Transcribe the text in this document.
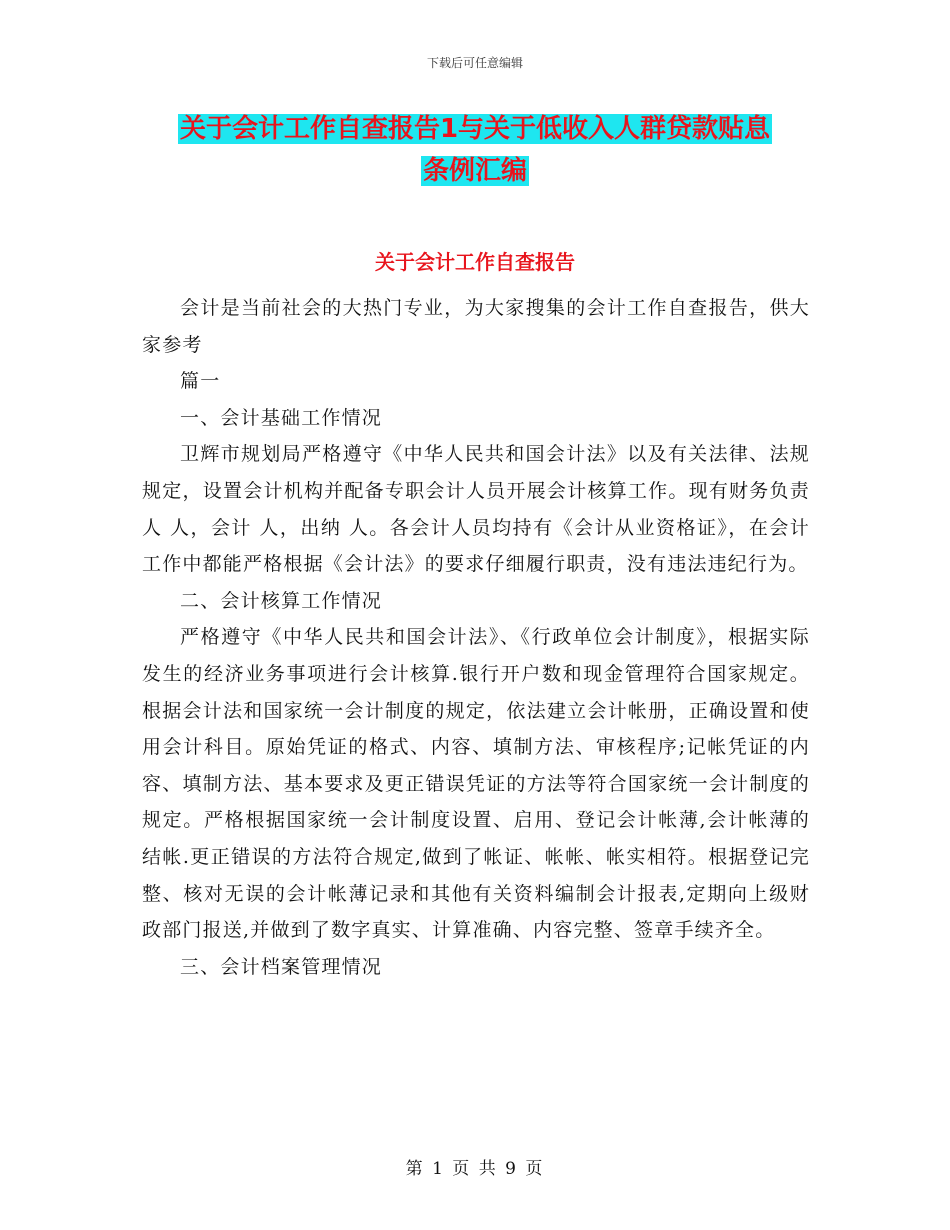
下载后可任意编辑
关于会计工作自查报告1与关于低收入人群贷款贴息
条例汇编
关于会计工作自查报告

会计是当前社会的大热门专业，为大家搜集的会计工作自查报告，供大家参考

篇一

一、会计基础工作情况

卫辉市规划局严格遵守《中华人民共和国会计法》以及有关法律、法规规定，设置会计机构并配备专职会计人员开展会计核算工作。现有财务负责人 人，会计 人，出纳 人。各会计人员均持有《会计从业资格证》，在会计工作中都能严格根据《会计法》的要求仔细履行职责，没有违法违纪行为。

二、会计核算工作情况

严格遵守《中华人民共和国会计法》、《行政单位会计制度》，根据实际发生的经济业务事项进行会计核算.银行开户数和现金管理符合国家规定。根据会计法和国家统一会计制度的规定，依法建立会计帐册，正确设置和使用会计科目。原始凭证的格式、内容、填制方法、审核程序;记帐凭证的内容、填制方法、基本要求及更正错误凭证的方法等符合国家统一会计制度的规定。严格根据国家统一会计制度设置、启用、登记会计帐薄,会计帐薄的结帐.更正错误的方法符合规定,做到了帐证、帐帐、帐实相符。根据登记完整、核对无误的会计帐薄记录和其他有关资料编制会计报表,定期向上级财政部门报送,并做到了数字真实、计算准确、内容完整、签章手续齐全。

三、会计档案管理情况

第 1 页 共 9 页
